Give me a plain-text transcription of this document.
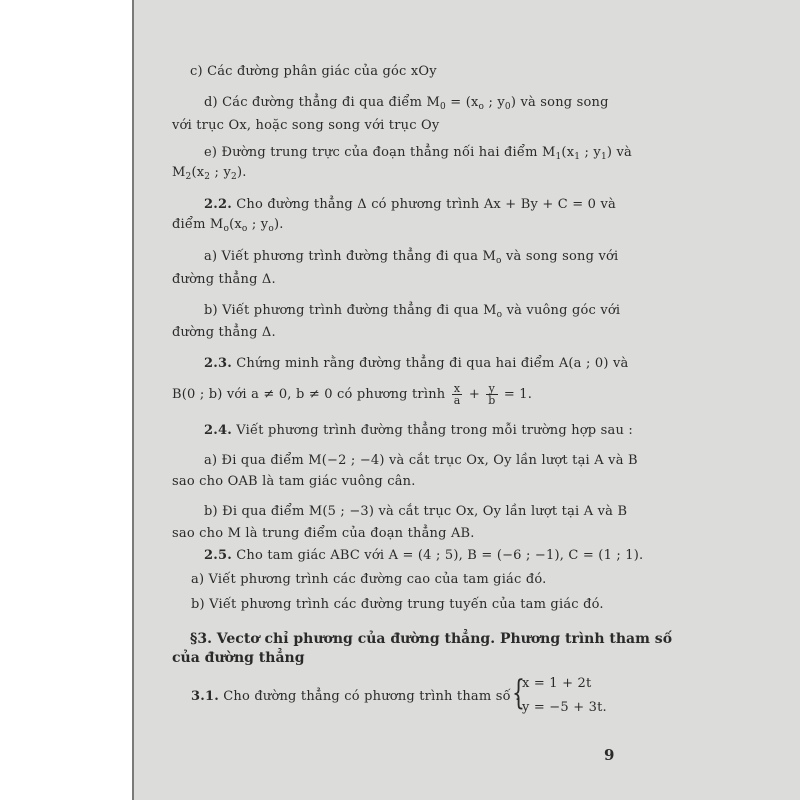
c) Các đường phân giác của góc xOy
d) Các đường thẳng đi qua điểm $M_0 = (x_o$ ; $y_0$) và song song
với trục Ox, hoặc song song với trục Oy
e) Đường trung trực của đoạn thẳng nối hai điểm $M_1(x_1$ ; $y_1$) và
$M_2(x_2$ ; $y_2$).
2.2. Cho đường thẳng Δ có phương trình Ax + By + C = 0 và
điểm $M_o(x_o$ ; $y_o$).
a) Viết phương trình đường thẳng đi qua $M_o$ và song song với
đường thẳng Δ.
b) Viết phương trình đường thẳng đi qua $M_o$ và vuông góc với
đường thẳng Δ.
2.3. Chứng minh rằng đường thẳng đi qua hai điểm A(a ; 0) và
B(0 ; b) với a ≠ 0, b ≠ 0 có phương trình $\frac{x}{a} + \frac{y}{b} = 1$.
2.4. Viết phương trình đường thẳng trong mỗi trường hợp sau :
a) Đi qua điểm M(−2 ; −4) và cắt trục Ox, Oy lần lượt tại A và B
sao cho OAB là tam giác vuông cân.
b) Đi qua điểm M(5 ; −3) và cắt trục Ox, Oy lần lượt tại A và B
sao cho M là trung điểm của đoạn thẳng AB.
2.5. Cho tam giác ABC với A = (4 ; 5), B = (−6 ; −1), C = (1 ; 1).
a) Viết phương trình các đường cao của tam giác đó.
b) Viết phương trình các đường trung tuyến của tam giác đó.
§3. Vectơ chỉ phương của đường thẳng. Phương trình tham số
của đường thẳng
3.1. Cho đường thẳng có phương trình tham số :
{
x = 1 + 2t
y = −5 + 3t.
9
